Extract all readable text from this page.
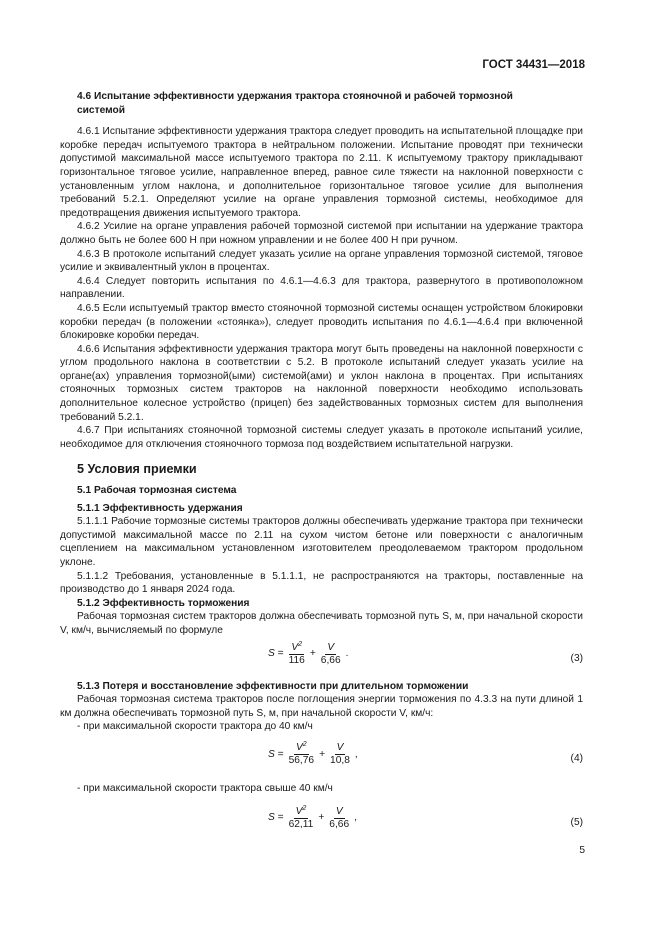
ГОСТ 34431—2018

4.6 Испытание эффективности удержания трактора стояночной и рабочей тормозной

системой

4.6.1 Испытание эффективности удержания трактора следует проводить на испытательной площадке при коробке передач испытуемого трактора в нейтральном положении. Испытание проводят при технически допустимой максимальной массе испытуемого трактора по 2.11. К испытуемому трактору прикладывают горизонтальное тяговое усилие, направленное вперед, равное силе тяжести на наклонной поверхности с установленным углом наклона, и дополнительное горизонтальное тяговое усилие для выполнения требований 5.2.1. Определяют усилие на органе управления тормозной системы, необходимое для предотвращения движения испытуемого трактора.

4.6.2 Усилие на органе управления рабочей тормозной системой при испытании на удержание трактора должно быть не более 600 Н при ножном управлении и не более 400 Н при ручном.

4.6.3 В протоколе испытаний следует указать усилие на органе управления тормозной системой, тяговое усилие и эквивалентный уклон в процентах.

4.6.4 Следует повторить испытания по 4.6.1—4.6.3 для трактора, развернутого в противоположном направлении.

4.6.5 Если испытуемый трактор вместо стояночной тормозной системы оснащен устройством блокировки коробки передач (в положении «стоянка»), следует проводить испытания по 4.6.1—4.6.4 при включенной блокировке коробки передач.

4.6.6 Испытания эффективности удержания трактора могут быть проведены на наклонной поверхности с углом продольного наклона в соответствии с 5.2. В протоколе испытаний следует указать усилие на органе(ах) управления тормозной(ыми) системой(ами) и уклон наклона в процентах. При испытаниях стояночных тормозных систем тракторов на наклонной поверхности необходимо использовать дополнительное колесное устройство (прицеп) без задействованных тормозных систем для выполнения требований 5.2.1.

4.6.7 При испытаниях стояночной тормозной системы следует указать в протоколе испытаний усилие, необходимое для отключения стояночного тормоза под воздействием испытательной нагрузки.

5 Условия приемки

5.1 Рабочая тормозная система

5.1.1 Эффективность удержания

5.1.1.1 Рабочие тормозные системы тракторов должны обеспечивать удержание трактора при технически допустимой максимальной массе по 2.11 на сухом чистом бетоне или поверхности с аналогичным сцеплением на максимальном установленном изготовителем преодолеваемом трактором продольном уклоне.

5.1.1.2 Требования, установленные в 5.1.1.1, не распространяются на тракторы, поставленные на производство до 1 января 2024 года.

5.1.2 Эффективность торможения

Рабочая тормозная систем тракторов должна обеспечивать тормозной путь S, м, при начальной скорости V, км/ч, вычисляемый по формуле

S
= $\frac{V^2}{116} + \frac{V}{6,66}$ .	(3)

5.1.3 Потеря и восстановление эффективности при длительном торможении

Рабочая тормозная система тракторов после поглощения энергии торможения по 4.3.3 на пути длиной 1 км должна обеспечивать тормозной путь S, м, при начальной скорости V, км/ч:

- при максимальной скорости трактора до 40 км/ч

S
= $\frac{V^2}{56,76} + \frac{V}{10,8}$ ,	(4)

- при максимальной скорости трактора свыше 40 км/ч

S
= $\frac{V^2}{62,11} + \frac{V}{6,66}$ ,	(5)
5
